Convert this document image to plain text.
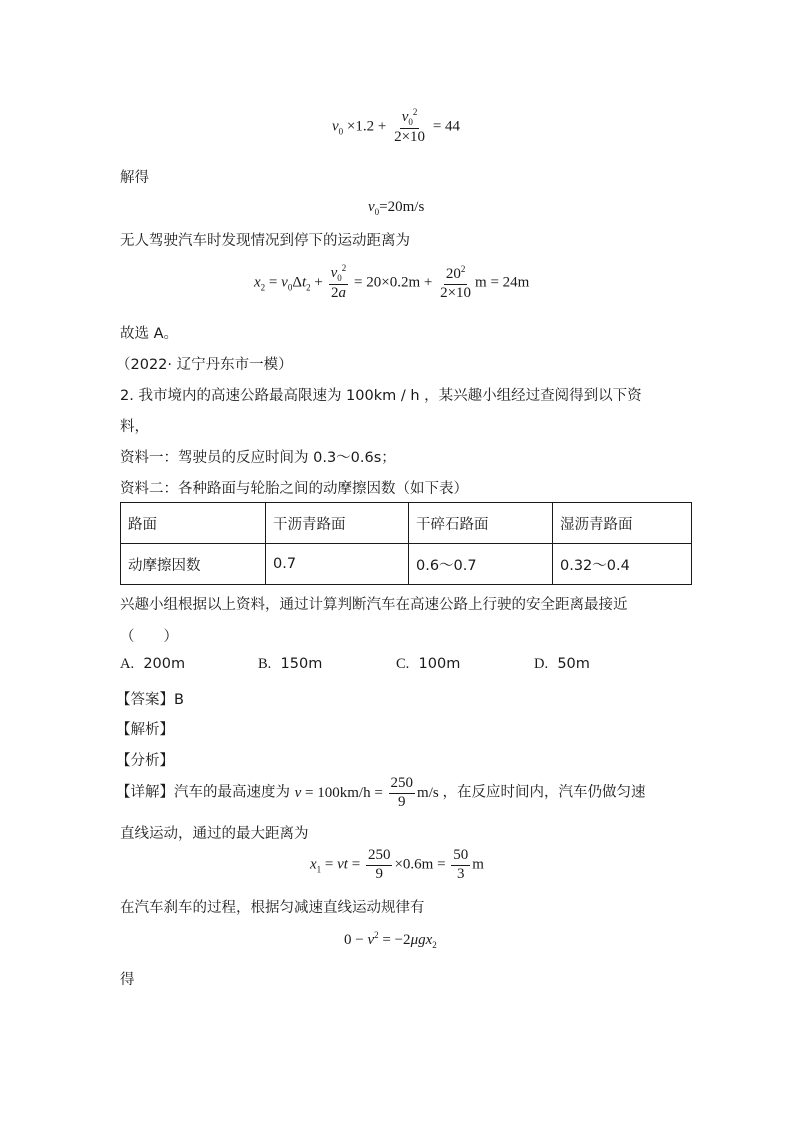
$v_0 \times 1.2 + \frac{v_0^2}{2\times 10} = 44$
解得
$v_0=20m/s$
无人驾驶汽车时发现情况到停下的运动距离为
$x_2 = v_0\Delta t_2 + \frac{v_0^2}{2a} = 20\times 0.2m + \frac{20^2}{2\times 10}$ m = 24m
故选 A。
（2022· 辽宁丹东市一模）
2. 我市境内的高速公路最高限速为 100km / h ，某兴趣小组经过查阅得到以下资
料，
资料一：驾驶员的反应时间为 0.3～0.6s；
资料二：各种路面与轮胎之间的动摩擦因数（如下表）
路面	干沥青路面	干碎石路面	湿沥青路面
动摩擦因数	0.7	0.6～0.7	0.32～0.4
兴趣小组根据以上资料，通过计算判断汽车在高速公路上行驶的安全距离最接近
（　　）
A. 200m	B. 150m	C. 100m	D. 50m
【答案】B
【解析】
【分析】
【详解】汽车的最高速度为 $v = 100km/h = \frac{250}{9} m/s$ ，在反应时间内，汽车仍做匀速
直线运动，通过的最大距离为
$x_1$ = vt = $\frac{250}{9} \times 0.6m = \frac{50}{3}$ m
在汽车刹车的过程，根据匀减速直线运动规律有
$0 - v^2 = -2\mu gx_2$
得
